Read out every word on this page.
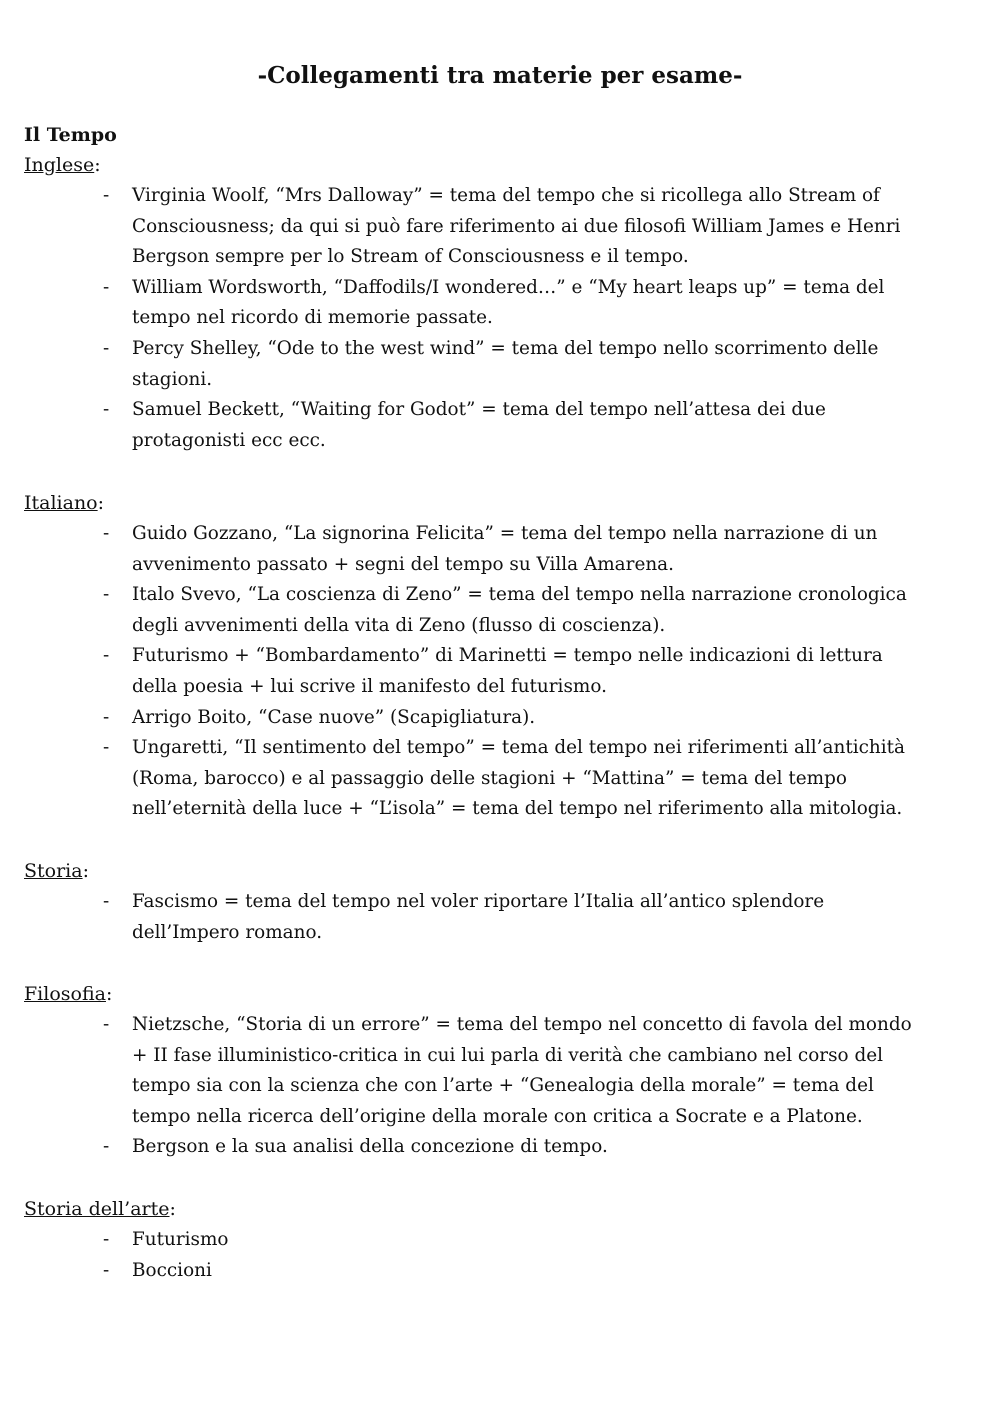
-Collegamenti tra materie per esame-
Il Tempo

Inglese:

- Virginia Woolf, “Mrs Dalloway” = tema del tempo che si ricollega allo Stream of Consciousness; da qui si può fare riferimento ai due filosofi William James e Henri Bergson sempre per lo Stream of Consciousness e il tempo.
- William Wordsworth, “Daffodils/I wondered…” e “My heart leaps up” = tema del tempo nel ricordo di memorie passate.
- Percy Shelley, “Ode to the west wind” = tema del tempo nello scorrimento delle stagioni.
- Samuel Beckett, “Waiting for Godot” = tema del tempo nell’attesa dei due protagonisti ecc ecc.

Italiano:

- Guido Gozzano, “La signorina Felicita” = tema del tempo nella narrazione di un avvenimento passato + segni del tempo su Villa Amarena.
- Italo Svevo, “La coscienza di Zeno” = tema del tempo nella narrazione cronologica degli avvenimenti della vita di Zeno (flusso di coscienza).
- Futurismo + “Bombardamento” di Marinetti = tempo nelle indicazioni di lettura della poesia + lui scrive il manifesto del futurismo.
- Arrigo Boito, “Case nuove” (Scapigliatura).
- Ungaretti, “Il sentimento del tempo” = tema del tempo nei riferimenti all’antichità (Roma, barocco) e al passaggio delle stagioni + “Mattina” = tema del tempo nell’eternità della luce + “L’isola” = tema del tempo nel riferimento alla mitologia.

Storia:

- Fascismo = tema del tempo nel voler riportare l’Italia all’antico splendore dell’Impero romano.

Filosofia:

- Nietzsche, “Storia di un errore” = tema del tempo nel concetto di favola del mondo + II fase illuministico-critica in cui lui parla di verità che cambiano nel corso del tempo sia con la scienza che con l’arte + “Genealogia della morale” = tema del tempo nella ricerca dell’origine della morale con critica a Socrate e a Platone.
- Bergson e la sua analisi della concezione di tempo.

Storia dell’arte:

- Futurismo
- Boccioni
